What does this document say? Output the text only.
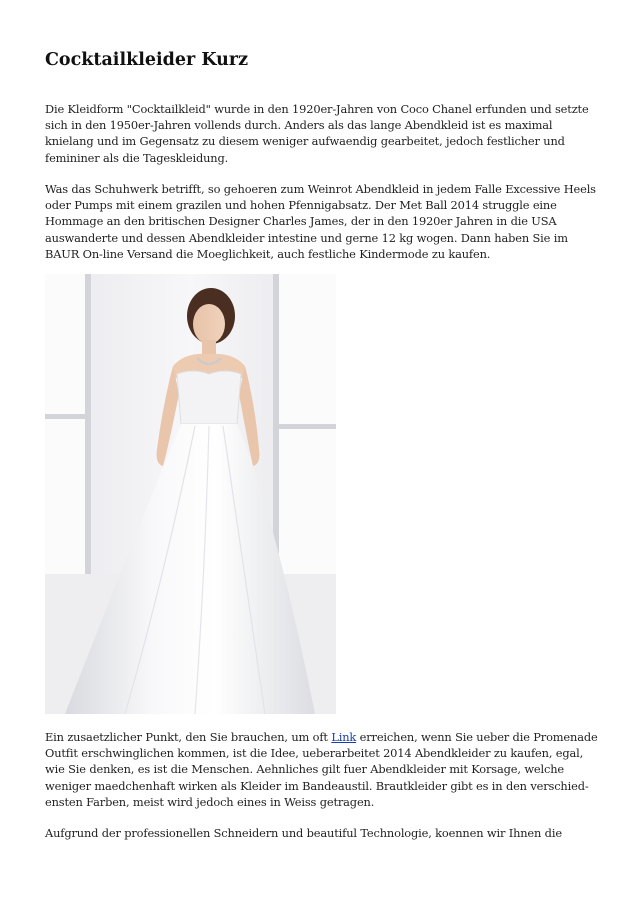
Cocktailkleider Kurz

Die Kleidform "Cocktailkleid" wurde in den 1920er-Jahren von Coco Chanel erfunden und setzte sich in den 1950er-Jahren vollends durch. Anders als das lange Abendkleid ist es maximal knielang und im Gegensatz zu diesem weniger aufwaendig gearbeitet, jedoch festlicher und femininer als die Tageskleidung.

Was das Schuhwerk betrifft, so gehoeren zum Weinrot Abendkleid in jedem Falle Excessive Heels oder Pumps mit einem grazilen und hohen Pfennigabsatz. Der Met Ball 2014 struggle eine Hommage an den britischen Designer Charles James, der in den 1920er Jahren in die USA auswanderte und dessen Abendkleider intestine und gerne 12 kg wogen. Dann haben Sie im BAUR On-line Versand die Moeglichkeit, auch festliche Kindermode zu kaufen.

Ein zusaetzlicher Punkt, den Sie brauchen, um oft Link erreichen, wenn Sie ueber die Promenade Outfit erschwinglichen kommen, ist die Idee, ueberarbeitet 2014 Abendkleider zu kaufen, egal, wie Sie denken, es ist die Menschen. Aehnliches gilt fuer Abendkleider mit Korsage, welche weniger maedchenhaft wirken als Kleider im Bandeaustil. Brautkleider gibt es in den verschied- ensten Farben, meist wird jedoch eines in Weiss getragen.

Aufgrund der professionellen Schneidern und beautiful Technologie, koennen wir Ihnen die
